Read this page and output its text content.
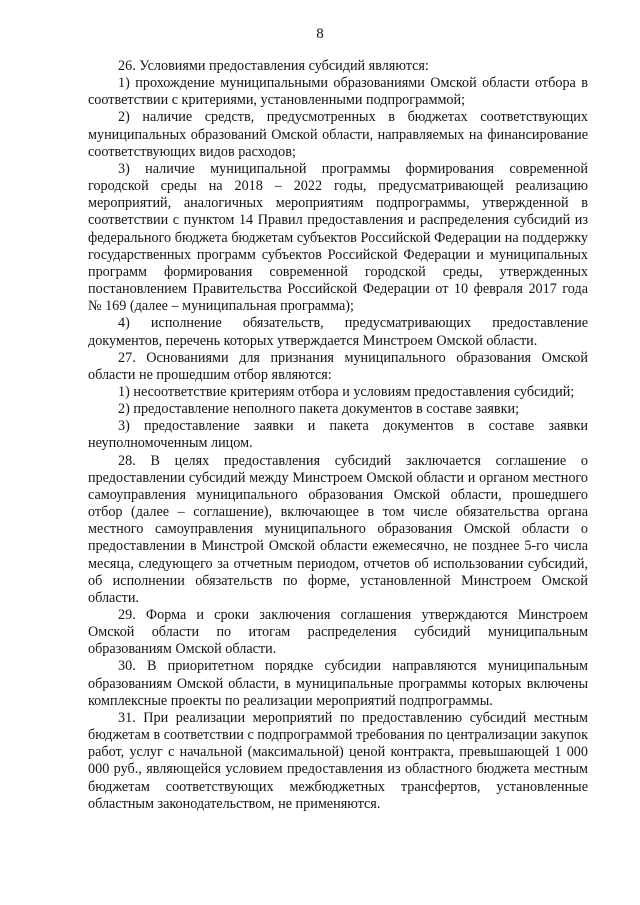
8

26. Условиями предоставления субсидий являются:

1) прохождение муниципальными образованиями Омской области отбора в соответствии с критериями, установленными подпрограммой;

2) наличие средств, предусмотренных в бюджетах соответствующих муниципальных образований Омской области, направляемых на финансирование соответствующих видов расходов;

3) наличие муниципальной программы формирования современной городской среды на 2018 – 2022 годы, предусматривающей реализацию мероприятий, аналогичных мероприятиям подпрограммы, утвержденной в соответствии с пунктом 14 Правил предоставления и распределения субсидий из федерального бюджета бюджетам субъектов Российской Федерации на поддержку государственных программ субъектов Российской Федерации и муниципальных программ формирования современной городской среды, утвержденных постановлением Правительства Российской Федерации от 10 февраля 2017 года № 169 (далее – муниципальная программа);

4) исполнение обязательств, предусматривающих предоставление документов, перечень которых утверждается Минстроем Омской области.

27. Основаниями для признания муниципального образования Омской области не прошедшим отбор являются:

1) несоответствие критериям отбора и условиям предоставления субсидий;

2) предоставление неполного пакета документов в составе заявки;

3) предоставление заявки и пакета документов в составе заявки неуполномоченным лицом.

28. В целях предоставления субсидий заключается соглашение о предоставлении субсидий между Минстроем Омской области и органом местного самоуправления муниципального образования Омской области, прошедшего отбор (далее – соглашение), включающее в том числе обязательства органа местного самоуправления муниципального образования Омской области о предоставлении в Минстрой Омской области ежемесячно, не позднее 5-го числа месяца, следующего за отчетным периодом, отчетов об использовании субсидий, об исполнении обязательств по форме, установленной Минстроем Омской области.

29. Форма и сроки заключения соглашения утверждаются Минстроем Омской области по итогам распределения субсидий муниципальным образованиям Омской области.

30. В приоритетном порядке субсидии направляются муниципальным образованиям Омской области, в муниципальные программы которых включены комплексные проекты по реализации мероприятий подпрограммы.

31. При реализации мероприятий по предоставлению субсидий местным бюджетам в соответствии с подпрограммой требования по централизации закупок работ, услуг с начальной (максимальной) ценой контракта, превышающей 1 000 000 руб., являющейся условием предоставления из областного бюджета местным бюджетам соответствующих межбюджетных трансфертов, установленные областным законодательством, не применяются.
